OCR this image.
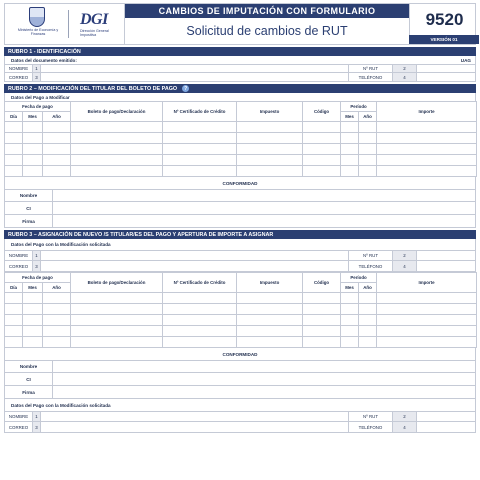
Ministerio de Economía y Finanzas
DGI
Dirección General Impositiva
CAMBIOS DE IMPUTACIÓN CON FORMULARIO
Solicitud de cambios de RUT
9520
VERSIÓN 01
RUBRO 1 - IDENTIFICACIÓN
Datos del documento emitido:	UAG
NOMBRE	1	Nº RUT	2
CORREO	3	TELÉFONO	4
RUBRO 2 – MODIFICACIÓN DEL TITULAR DEL BOLETO DE PAGO	?
Datos del Pago a Modificar
Fecha de pago			Boleto de pago/Declaración	Nº Certificado de Crédito	Impuesto	Código	Período		Importe
Día	Mes	Año					Mes	Año	

CONFORMIDAD
Nombre
CI
Firma
RUBRO 3 – ASIGNACIÓN DE NUEVO /S TITULAR/ES DEL PAGO Y APERTURA DE IMPORTE A ASIGNAR
Datos del Pago con la Modificación solicitada
NOMBRE	1	Nº RUT	2
CORREO	3	TELÉFONO	4
Fecha de pago			Boleto de pago/Declaración	Nº Certificado de Crédito	Impuesto	Código	Período		Importe
Día	Mes	Año					Mes	Año	

CONFORMIDAD
Nombre
CI
Firma
Datos del Pago con la Modificación solicitada
NOMBRE	1	Nº RUT	2
CORREO	3	TELÉFONO	4
